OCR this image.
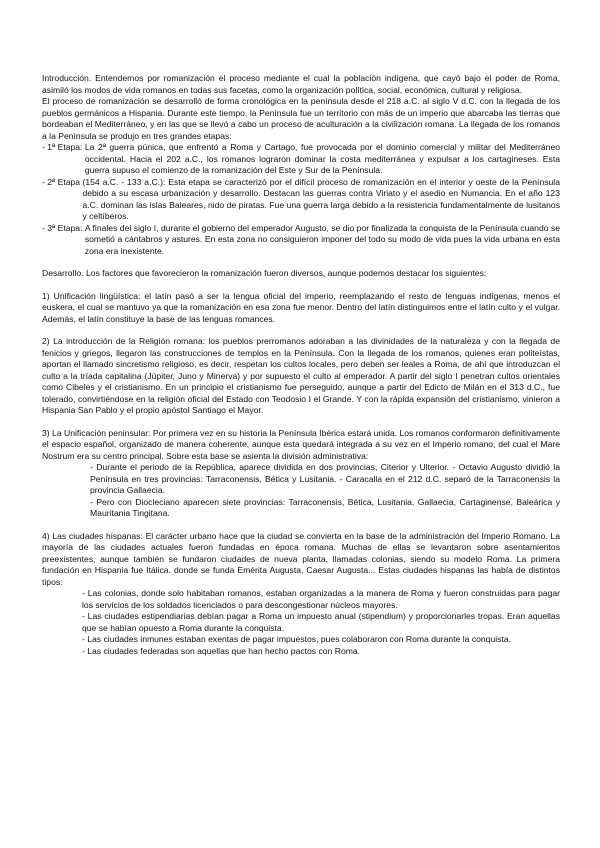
Introducción. Entendemos por romanización el proceso mediante el cual la población indígena, que cayó bajo el poder de Roma, asimiló los modos de vida romanos en todas sus facetas, como la organización política, social, económica, cultural y religiosa.

El proceso de romanización se desarrolló de forma cronológica en la península desde el 218 a.C. al siglo V d.C. con la llegada de los pueblos germánicos a Hispania. Durante este tiempo, la Península fue un territorio con más de un imperio que abarcaba las tierras que bordeaban el Mediterráneo, y en las que se llevó a cabo un proceso de aculturación a la civilización romana. La llegada de los romanos a la Península se produjo en tres grandes etapas:

- 1ª Etapa: La 2ª guerra púnica, que enfrentó a Roma y Cartago, fue provocada por el dominio comercial y militar del Mediterráneo occidental. Hacia el 202 a.C., los romanos lograron dominar la costa mediterránea y expulsar a los cartagineses. Esta guerra supuso el comienzo de la romanización del Este y Sur de la Península.
- 2ª Etapa (154 a.C. - 133 a.C.): Esta etapa se caracterizó por el difícil proceso de romanización en el interior y oeste de la Península debido a su escasa urbanización y desarrollo. Destacan las guerras contra Viriato y el asedio en Numancia. En el año 123 a.C. dominan las islas Baleares, nido de piratas. Fue una guerra larga debido a la resistencia fundamentalmente de lusitanos y celtíberos.
- 3ª Etapa: A finales del siglo I, durante el gobierno del emperador Augusto, se dio por finalizada la conquista de la Península cuando se sometió a cántabros y astures. En esta zona no consiguieron imponer del todo su modo de vida pues la vida urbana en esta zona era inexistente.

Desarrollo. Los factores que favorecieron la romanización fueron diversos, aunque podemos destacar los siguientes:

1) Unificación lingüística: el latín pasó a ser la lengua oficial del imperio, reemplazando el resto de lenguas indígenas, menos el euskera, el cual se mantuvo ya que la romanización en esa zona fue menor. Dentro del latín distinguimos entre el latín culto y el vulgar. Además, el latín constituye la base de las lenguas romances.

2) La introducción de la Religión romana: los pueblos prerromanos adoraban a las divinidades de la naturaleza y con la llegada de fenicios y griegos, llegaron las construcciones de templos en la Península. Con la llegada de los romanos, quienes eran politeístas, aportan el llamado sincretismo religioso, es decir, respetan los cultos locales, pero deben ser leales a Roma, de ahí que introduzcan el culto a la tríada capitalina (Júpiter, Juno y Minerva) y por supuesto el culto al emperador. A partir del siglo I penetran cultos orientales como Cibeles y el cristianismo. En un principio el cristianismo fue perseguido, aunque a partir del Edicto de Milán en el 313 d.C., fue tolerado, convirtiéndose en la religión oficial del Estado con Teodosio I el Grande. Y con la rápida expansión del cristianismo, vinieron a Hispania San Pablo y el propio apóstol Santiago el Mayor.

3) La Unificación peninsular: Por primera vez en su historia la Península Ibérica estará unida. Los romanos conformaron definitivamente el espacio español, organizado de manera coherente, aunque esta quedará integrada a su vez en el Imperio romano, del cual el Mare Nostrum era su centro principal. Sobre esta base se asienta la división administrativa:

- Durante el periodo de la República, aparece dividida en dos provincias, Citerior y Ulterior. - Octavio Augusto dividió la Península en tres provincias: Tarraconensis, Bética y Lusitania. - Caracalla en el 212 d.C. separó de la Tarraconensis la provincia Gallaecia.

- Pero con Diocleciano aparecen siete provincias: Tarraconensis, Bética, Lusitania, Gallaecia, Cartaginense, Baleárica y Mauritania Tingitana.

4) Las ciudades hispanas: El carácter urbano hace que la ciudad se convierta en la base de la administración del Imperio Romano. La mayoría de las ciudades actuales fueron fundadas en época romana. Muchas de ellas se levantaron sobre asentamientos preexistentes, aunque también se fundaron ciudades de nueva planta, llamadas colonias, siendo su modelo Roma. La primera fundación en Hispania fue Itálica. donde se funda Emérita Augusta, Caesar Augusta... Estas ciudades hispanas las había de distintos tipos:

- Las colonias, donde solo habitaban romanos, estaban organizadas a la manera de Roma y fueron construidas para pagar los servicios de los soldados licenciados o para descongestionar núcleos mayores.

- Las ciudades estipendiarias debían pagar a Roma un impuesto anual (stipendium) y proporcionarles tropas. Eran aquellas que se habían opuesto a Roma durante la conquista.

- Las ciudades inmunes estaban exentas de pagar impuestos, pues colaboraron con Roma durante la conquista.

- Las ciudades federadas son aquellas que han hecho pactos con Roma.
